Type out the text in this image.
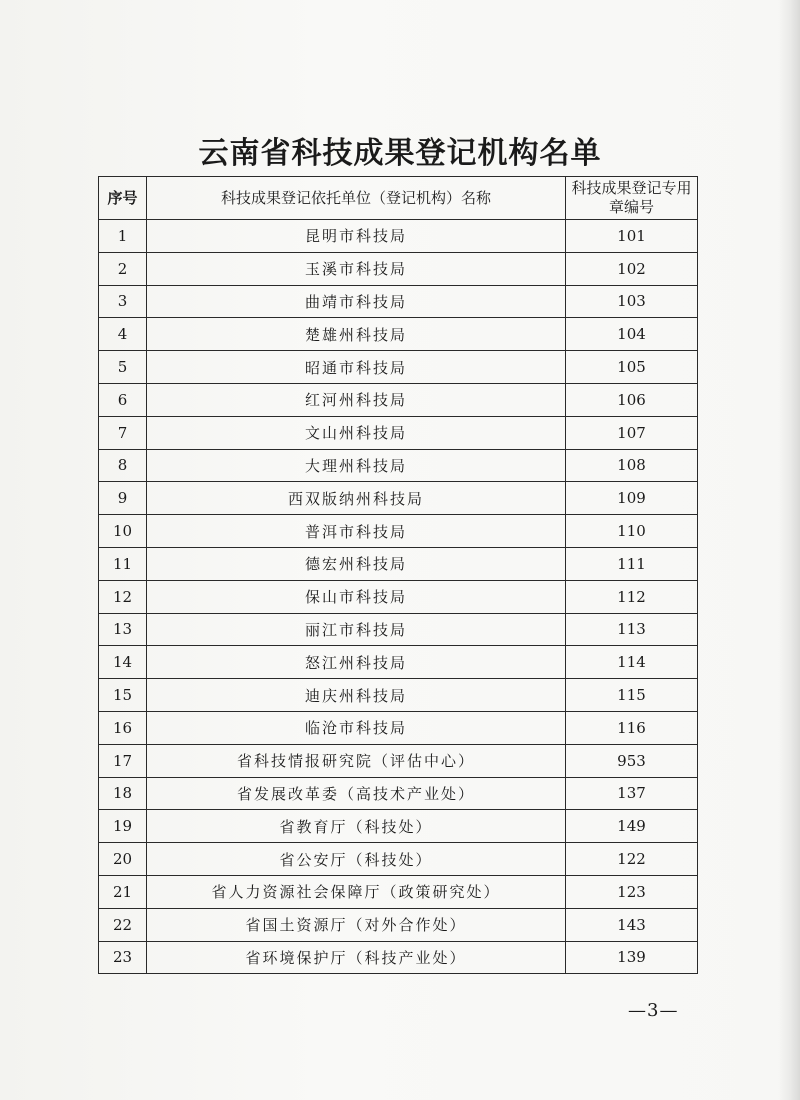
云南省科技成果登记机构名单
序号	科技成果登记依托单位（登记机构）名称	科技成果登记专用章编号
1	昆明市科技局	101
2	玉溪市科技局	102
3	曲靖市科技局	103
4	楚雄州科技局	104
5	昭通市科技局	105
6	红河州科技局	106
7	文山州科技局	107
8	大理州科技局	108
9	西双版纳州科技局	109
10	普洱市科技局	110
11	德宏州科技局	111
12	保山市科技局	112
13	丽江市科技局	113
14	怒江州科技局	114
15	迪庆州科技局	115
16	临沧市科技局	116
17	省科技情报研究院（评估中心）	953
18	省发展改革委（高技术产业处）	137
19	省教育厅（科技处）	149
20	省公安厅（科技处）	122
21	省人力资源社会保障厅（政策研究处）	123
22	省国土资源厅（对外合作处）	143
23	省环境保护厅（科技产业处）	139
—3—
